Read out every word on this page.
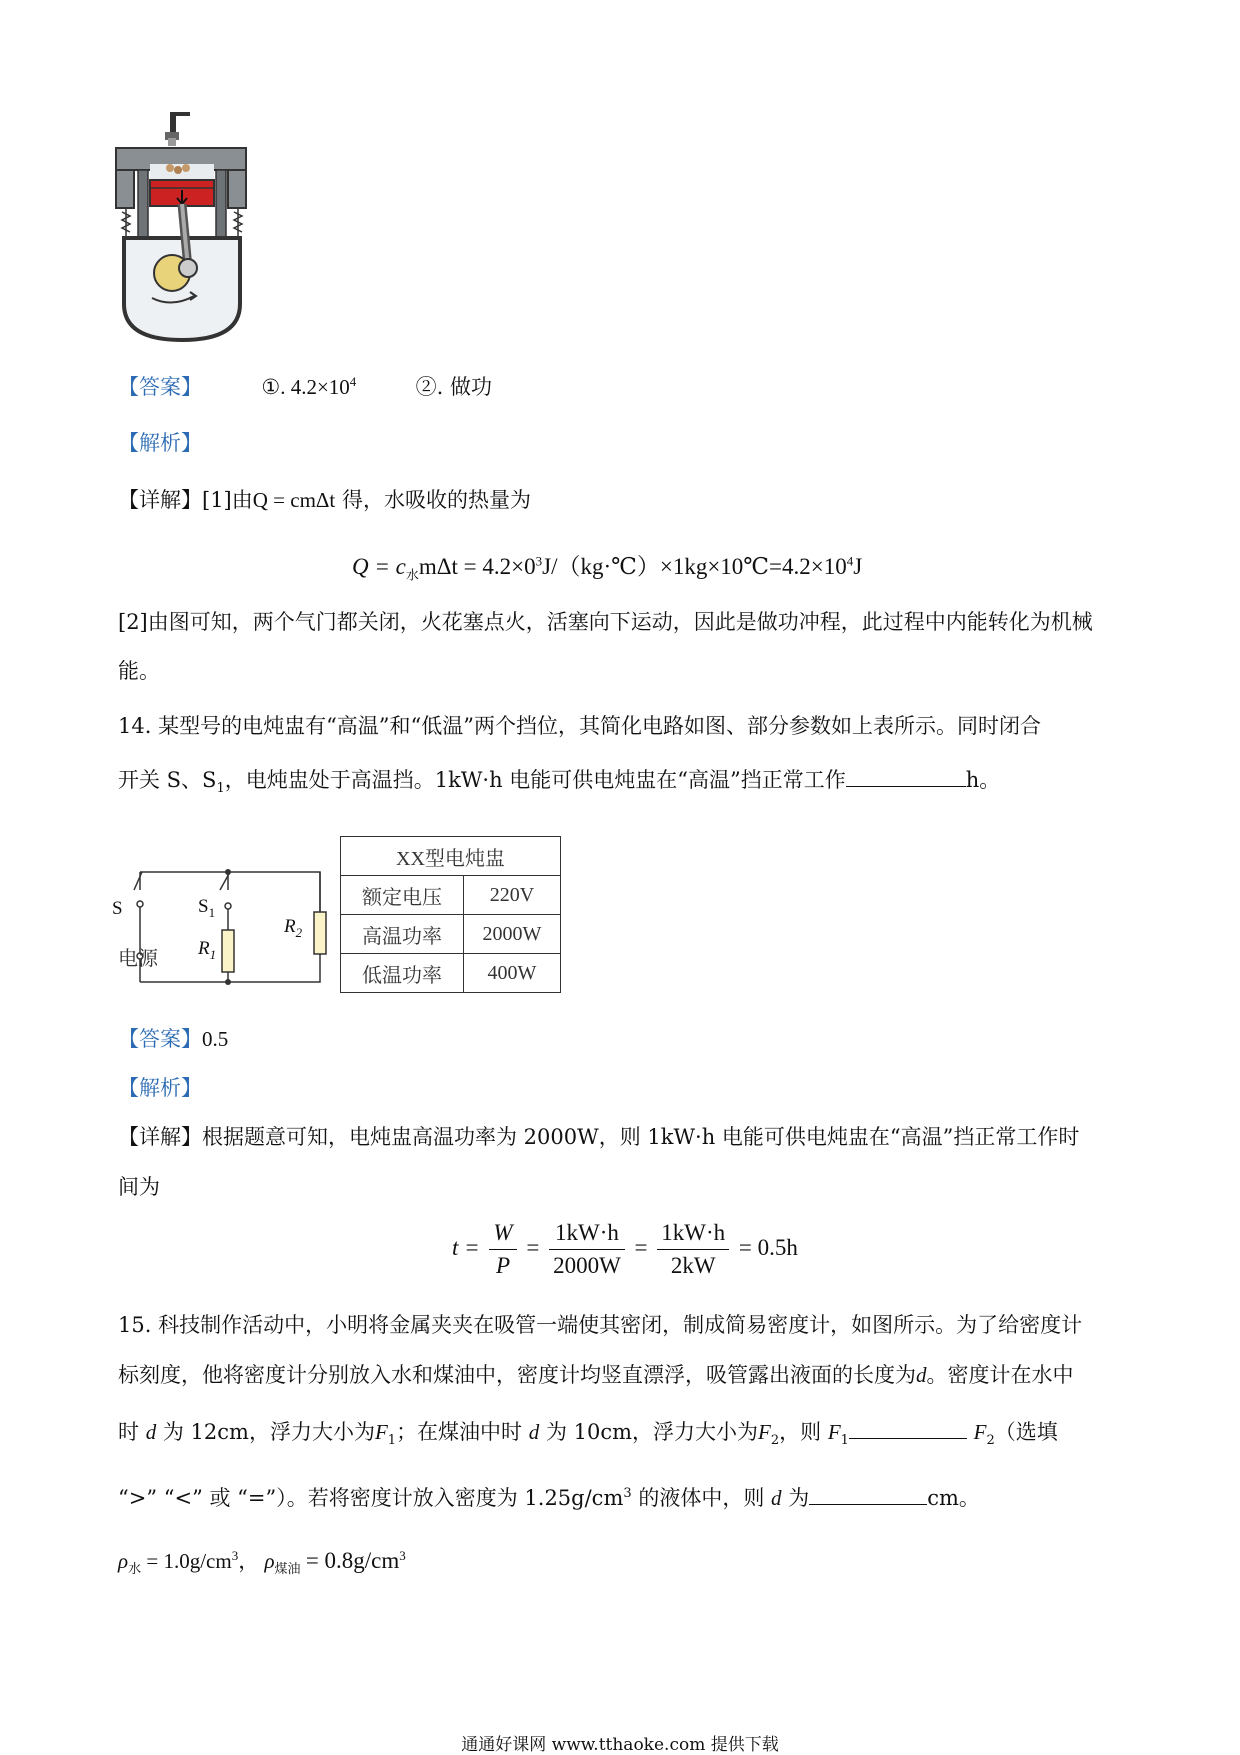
【答案】	①. $4.2\times 10^4$	②. 做功
【解析】
【详解】[1]由Q = cmΔt 得，水吸收的热量为
$Q = c_水m\Delta t$ = $4.2\times 0^3J/(kg\cdot℃)\times 1kg\times 10℃=4.2\times 10^4J$
[2]由图可知，两个气门都关闭，火花塞点火，活塞向下运动，因此是做功冲程，此过程中内能转化为机械
能。
14. 某型号的电炖盅有“高温”和“低温”两个挡位，其简化电路如图、部分参数如上表所示。同时闭合
开关 S、$S_1$，电炖盅处于高温挡。1kW·h 电能可供电炖盅在“高温”挡正常工作	h。
S	$S_1$
$R_1$
$R_2$
电源
XX型电炖盅	
额定电压	220V
高温功率	2000W
低温功率	400W
【答案】0.5
【解析】
【详解】根据题意可知，电炖盅高温功率为 2000W，则 1kW·h 电能可供电炖盅在“高温”挡正常工作时
间为
$t = \frac{W}{P} = \frac{1kW\cdot h}{2000W} = \frac{1kW\cdot h}{2kW} = 0.5h$
15. 科技制作活动中，小明将金属夹夹在吸管一端使其密闭，制成简易密度计，如图所示。为了给密度计
标刻度，他将密度计分别放入水和煤油中，密度计均竖直漂浮，吸管露出液面的长度为d。密度计在水中
时 d 为 12cm，浮力大小为$F_1$；在煤油中时 d 为 10cm，浮力大小为$F_2$，则 $F_1$	$F_2$（选填
“>” “<” 或 “=”）。若将密度计放入密度为 $1.25g/cm^3$ 的液体中，则 d 为	cm。
$\rho_水 = 1.0g/cm^3$， $\rho_{煤油} = 0.8g/cm^3$
通通好课网 www.tthaoke.com 提供下载
